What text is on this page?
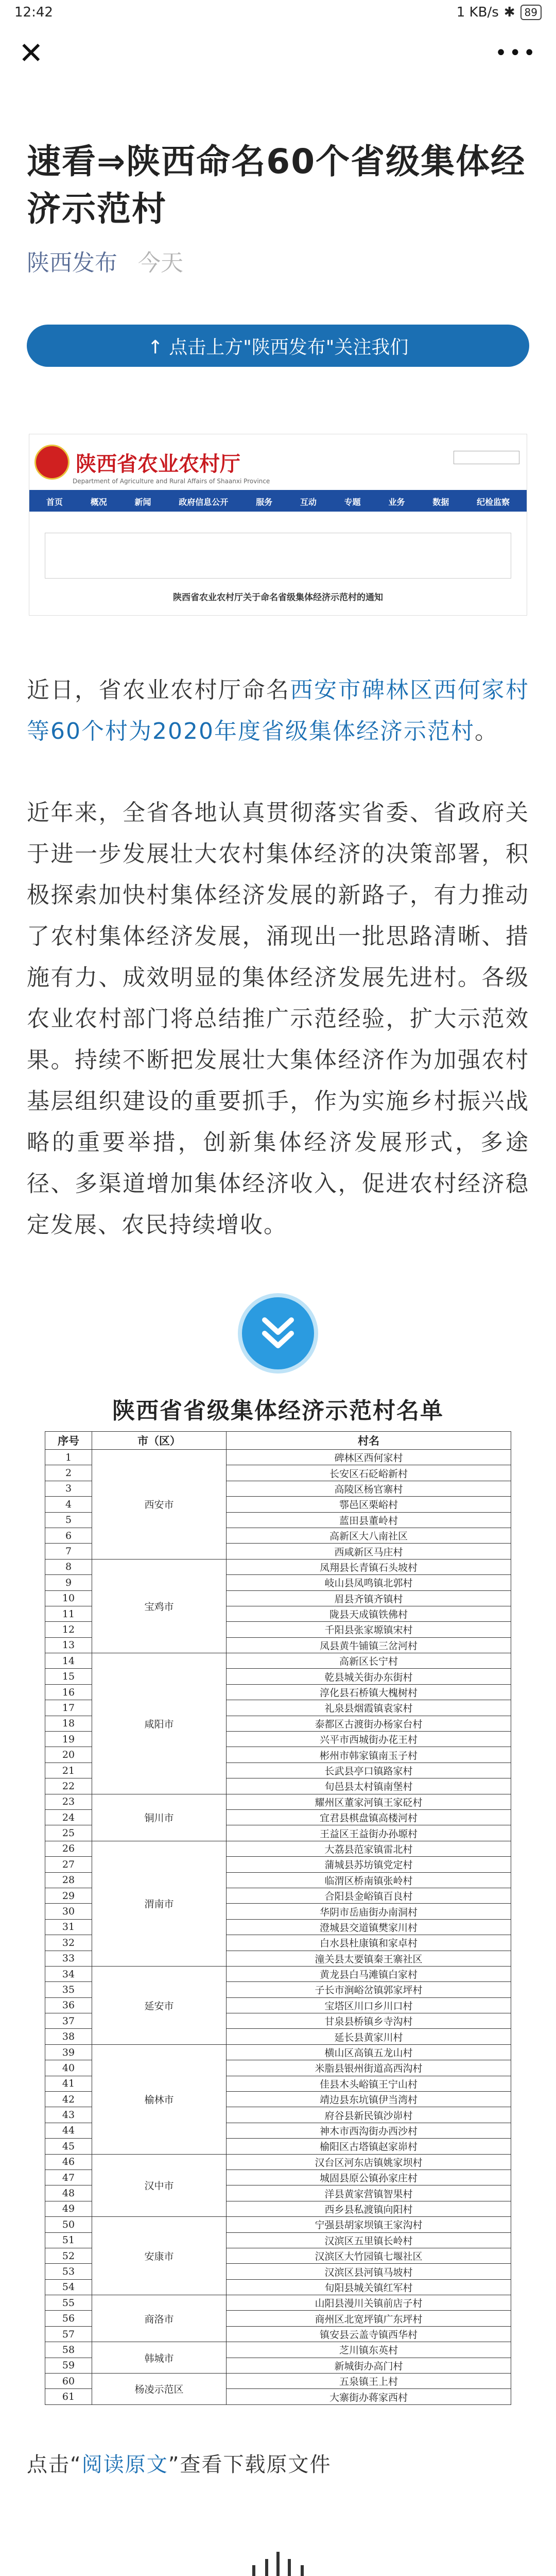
12:42	1 KB/s ✱ 89
✕	•••
速看⇒陕西命名60个省级集体经济示范村
陕西发布 今天
↑ 点击上方"陕西发布"关注我们
陕西省农业农村厅
Department of Agriculture and Rural Affairs of Shaanxi Province

首页	概况	新闻	政府信息公开	服务	互动	专题	业务	数据	纪检监察

陕西省农业农村厅关于命名省级集体经济示范村的通知

近日，省农业农村厅命名西安市碑林区西何家村等60个村为2020年度省级集体经济示范村。

近年来，全省各地认真贯彻落实省委、省政府关于进一步发展壮大农村集体经济的决策部署，积极探索加快村集体经济发展的新路子，有力推动了农村集体经济发展，涌现出一批思路清晰、措施有力、成效明显的集体经济发展先进村。各级农业农村部门将总结推广示范经验，扩大示范效果。持续不断把发展壮大集体经济作为加强农村基层组织建设的重要抓手，作为实施乡村振兴战略的重要举措，创新集体经济发展形式，多途径、多渠道增加集体经济收入，促进农村经济稳定发展、农民持续增收。

陕西省省级集体经济示范村名单
序号	市（区）	村名
1	西安市	碑林区西何家村
2		长安区石砭峪新村
3		高陵区杨官寨村
4		鄠邑区栗峪村
5		蓝田县董岭村
6		高新区大八南社区
7		西咸新区马庄村
8	宝鸡市	凤翔县长青镇石头坡村
9		岐山县凤鸣镇北郭村
10		眉县齐镇齐镇村
11		陇县天成镇铁佛村
12		千阳县张家塬镇宋村
13		凤县黄牛铺镇三岔河村
14	咸阳市	高新区长宁村
15		乾县城关街办东街村
16		淳化县石桥镇大槐树村
17		礼泉县烟霞镇袁家村
18		泰都区古渡街办杨家台村
19		兴平市西城街办花王村
20		彬州市韩家镇南玉子村
21		长武县亭口镇路家村
22		旬邑县太村镇南堡村
23	铜川市	耀州区董家河镇王家砭村
24		宜君县棋盘镇高楼河村
25		王益区王益街办孙塬村
26	渭南市	大荔县范家镇雷北村
27		蒲城县苏坊镇党定村
28		临渭区桥南镇张岭村
29		合阳县金峪镇百良村
30		华阴市岳庙街办南洞村
31		澄城县交道镇樊家川村
32		白水县杜康镇和家卓村
33		潼关县太要镇秦王寨社区
34	延安市	黄龙县白马滩镇白家村
35		子长市涧峪岔镇郭家坪村
36		宝塔区川口乡川口村
37		甘泉县桥镇乡寺沟村
38		延长县黄家川村
39	榆林市	横山区高镇五龙山村
40		米脂县银州街道高西沟村
41		佳县木头峪镇王宁山村
42		靖边县东坑镇伊当湾村
43		府谷县新民镇沙峁村
44		神木市西沟街办西沙村
45		榆阳区古塔镇赵家峁村
46	汉中市	汉台区河东店镇姚家坝村
47		城固县原公镇孙家庄村
48		洋县黄家营镇智果村
49		西乡县私渡镇向阳村
50	安康市	宁强县胡家坝镇王家沟村
51		汉滨区五里镇长岭村
52		汉滨区大竹园镇七堰社区
53		汉滨区县河镇马坡村
54		旬阳县城关镇红军村
55	商洛市	山阳县漫川关镇前店子村
56		商州区北宽坪镇广东坪村
57		镇安县云盖寺镇西华村
58	韩城市	芝川镇东英村
59		新城街办高门村
60	杨凌示范区	五泉镇王上村
61		大寨街办蒋家西村
点击“阅读原文”查看下载原文件
